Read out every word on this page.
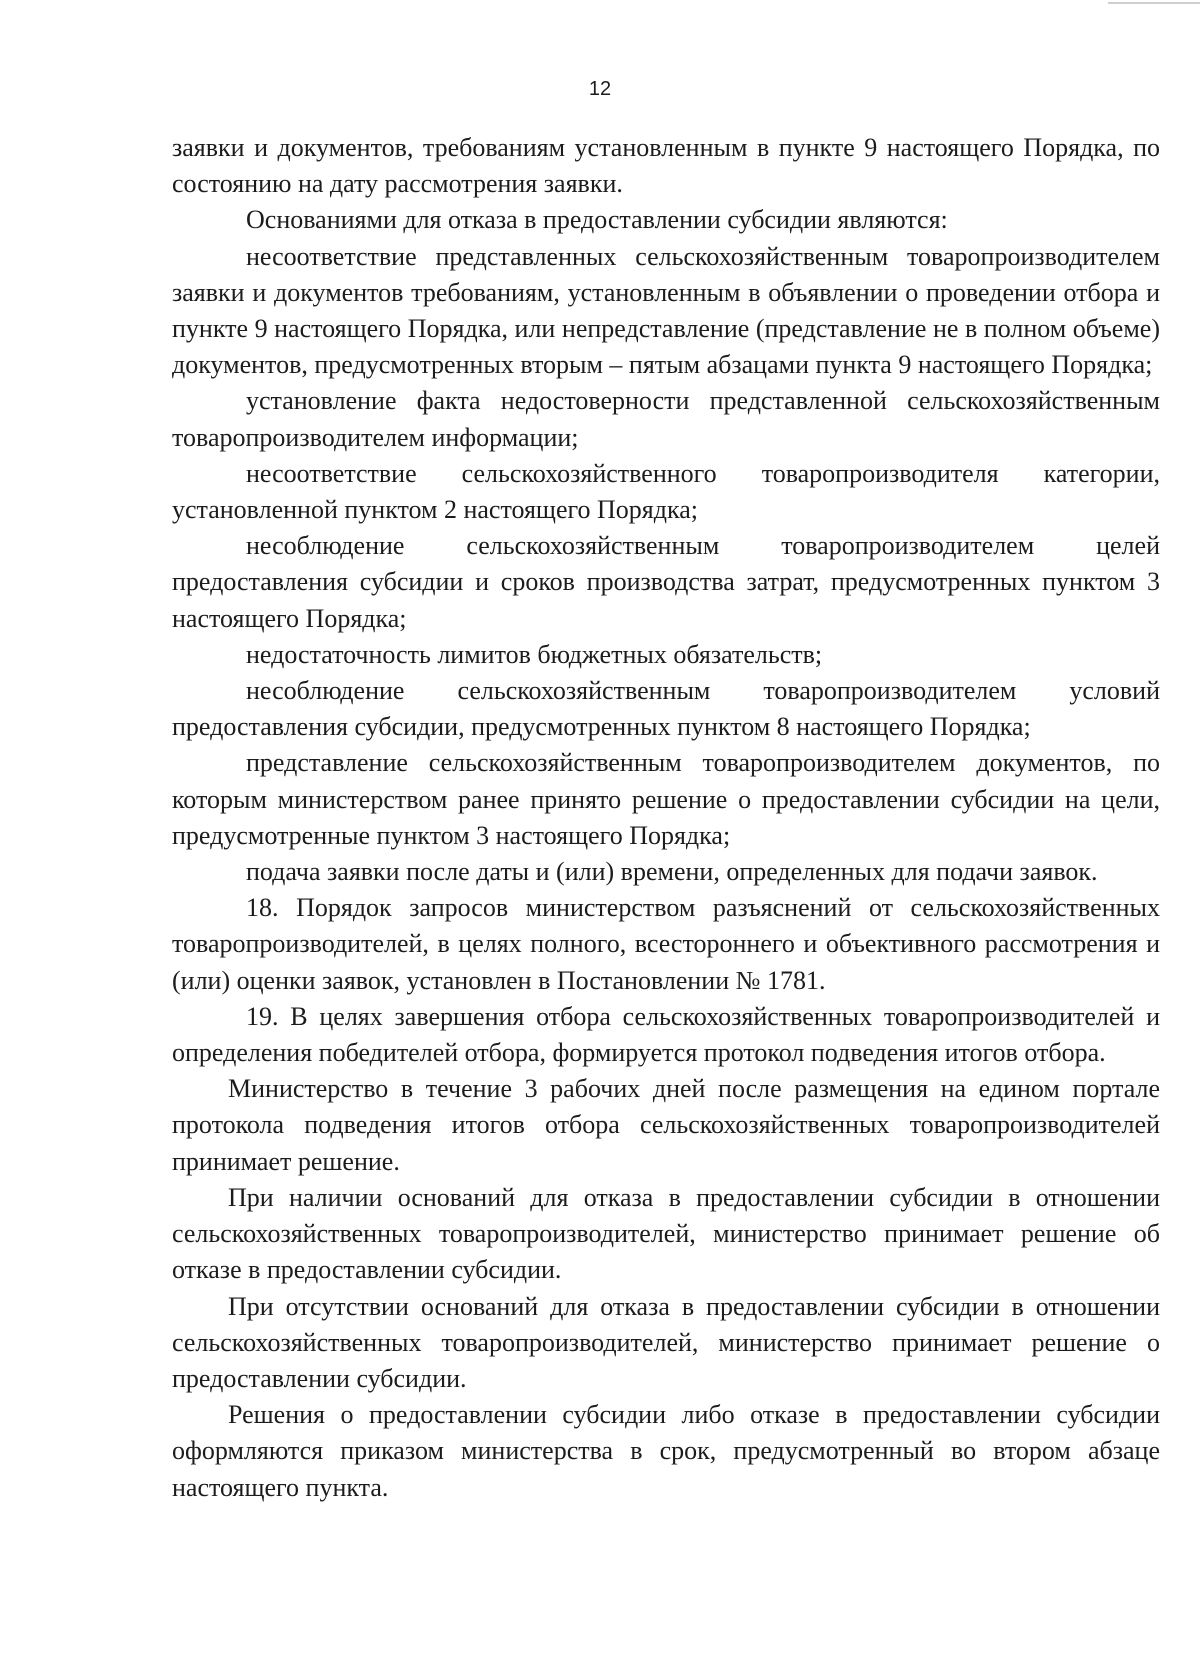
12

заявки и документов, требованиям установленным в пункте 9 настоящего Порядка, по состоянию на дату рассмотрения заявки.

Основаниями для отказа в предоставлении субсидии являются:

несоответствие представленных сельскохозяйственным товаропроизводителем заявки и документов требованиям, установленным в объявлении о проведении отбора и пункте 9 настоящего Порядка, или непредставление (представление не в полном объеме) документов, предусмотренных вторым – пятым абзацами пункта 9 настоящего Порядка;

установление факта недостоверности представленной сельскохозяйственным товаропроизводителем информации;

несоответствие сельскохозяйственного товаропроизводителя категории, установленной пунктом 2 настоящего Порядка;

несоблюдение сельскохозяйственным товаропроизводителем целей предоставления субсидии и сроков производства затрат, предусмотренных пунктом 3 настоящего Порядка;

недостаточность лимитов бюджетных обязательств;

несоблюдение сельскохозяйственным товаропроизводителем условий предоставления субсидии, предусмотренных пунктом 8 настоящего Порядка;

представление сельскохозяйственным товаропроизводителем документов, по которым министерством ранее принято решение о предоставлении субсидии на цели, предусмотренные пунктом 3 настоящего Порядка;

подача заявки после даты и (или) времени, определенных для подачи заявок.

18. Порядок запросов министерством разъяснений от сельскохозяйственных товаропроизводителей, в целях полного, всестороннего и объективного рассмотрения и (или) оценки заявок, установлен в Постановлении № 1781.

19. В целях завершения отбора сельскохозяйственных товаропроизводителей и определения победителей отбора, формируется протокол подведения итогов отбора.

Министерство в течение 3 рабочих дней после размещения на едином портале протокола подведения итогов отбора сельскохозяйственных товаропроизводителей принимает решение.

При наличии оснований для отказа в предоставлении субсидии в отношении сельскохозяйственных товаропроизводителей, министерство принимает решение об отказе в предоставлении субсидии.

При отсутствии оснований для отказа в предоставлении субсидии в отношении сельскохозяйственных товаропроизводителей, министерство принимает решение о предоставлении субсидии.

Решения о предоставлении субсидии либо отказе в предоставлении субсидии оформляются приказом министерства в срок, предусмотренный во втором абзаце настоящего пункта.
